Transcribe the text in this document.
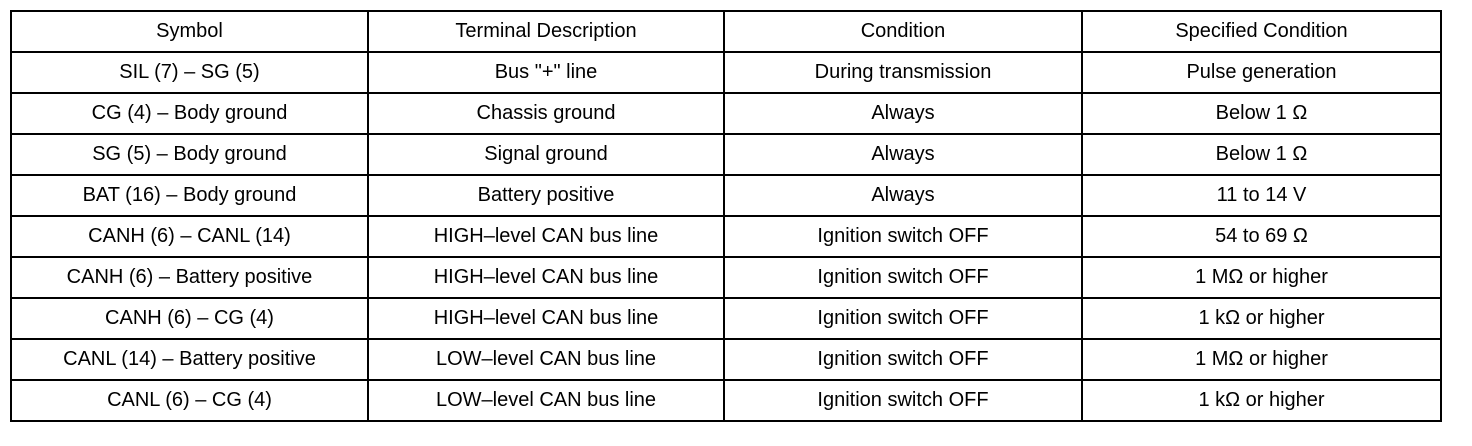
Symbol	Terminal Description	Condition	Specified Condition
SIL (7) – SG (5)	Bus "+" line	During transmission	Pulse generation
CG (4) – Body ground	Chassis ground	Always	Below 1 Ω
SG (5) – Body ground	Signal ground	Always	Below 1 Ω
BAT (16) – Body ground	Battery positive	Always	11 to 14 V
CANH (6) – CANL (14)	HIGH–level CAN bus line	Ignition switch OFF	54 to 69 Ω
CANH (6) – Battery positive	HIGH–level CAN bus line	Ignition switch OFF	1 MΩ or higher
CANH (6) – CG (4)	HIGH–level CAN bus line	Ignition switch OFF	1 kΩ or higher
CANL (14) – Battery positive	LOW–level CAN bus line	Ignition switch OFF	1 MΩ or higher
CANL (6) – CG (4)	LOW–level CAN bus line	Ignition switch OFF	1 kΩ or higher
